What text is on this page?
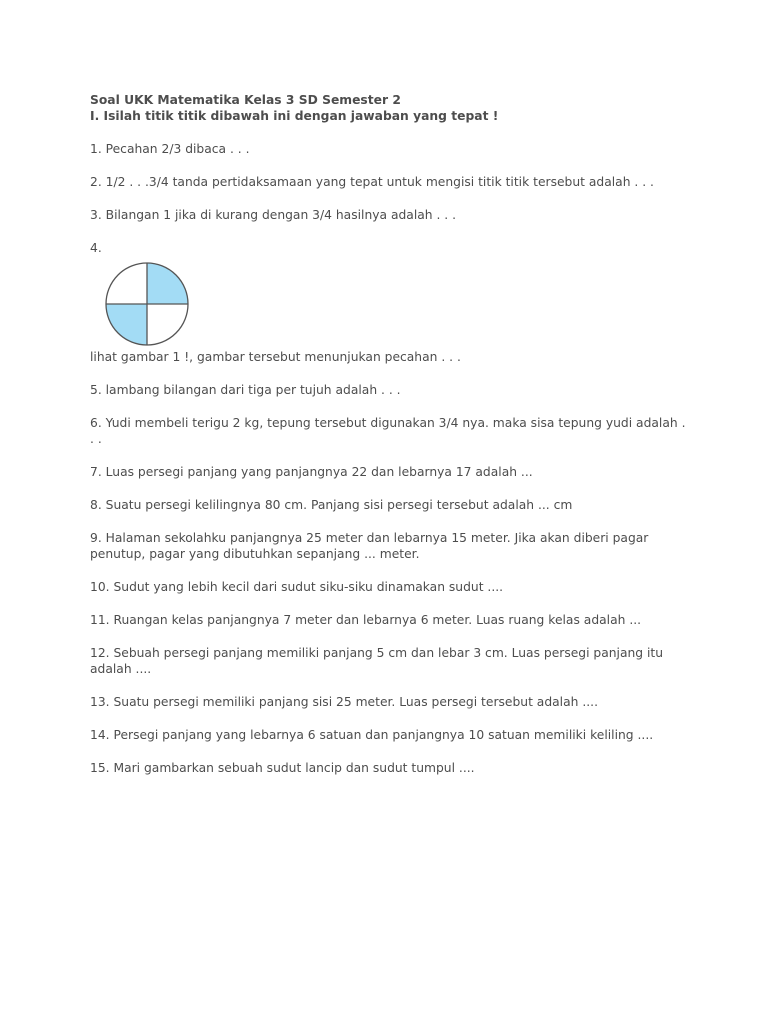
Soal UKK Matematika Kelas 3 SD Semester 2

I. Isilah titik titik dibawah ini dengan jawaban yang tepat !

1. Pecahan 2/3 dibaca . . .

2. 1/2 . . .3/4 tanda pertidaksamaan yang tepat untuk mengisi titik titik tersebut adalah . . .

3. Bilangan 1 jika di kurang dengan 3/4 hasilnya adalah . . .

4.

lihat gambar 1 !, gambar tersebut menunjukan pecahan . . .

5. lambang bilangan dari tiga per tujuh adalah . . .

6. Yudi membeli terigu 2 kg, tepung tersebut digunakan 3/4 nya. maka sisa tepung yudi adalah . . .

7. Luas persegi panjang yang panjangnya 22 dan lebarnya 17 adalah ...

8. Suatu persegi kelilingnya 80 cm. Panjang sisi persegi tersebut adalah ... cm

9. Halaman sekolahku panjangnya 25 meter dan lebarnya 15 meter. Jika akan diberi pagar penutup, pagar yang dibutuhkan sepanjang ... meter.

10. Sudut yang lebih kecil dari sudut siku-siku dinamakan sudut ....

11. Ruangan kelas panjangnya 7 meter dan lebarnya 6 meter. Luas ruang kelas adalah ...

12. Sebuah persegi panjang memiliki panjang 5 cm dan lebar 3 cm. Luas persegi panjang itu adalah ....

13. Suatu persegi memiliki panjang sisi 25 meter. Luas persegi tersebut adalah ....

14. Persegi panjang yang lebarnya 6 satuan dan panjangnya 10 satuan memiliki keliling ....

15. Mari gambarkan sebuah sudut lancip dan sudut tumpul ....
